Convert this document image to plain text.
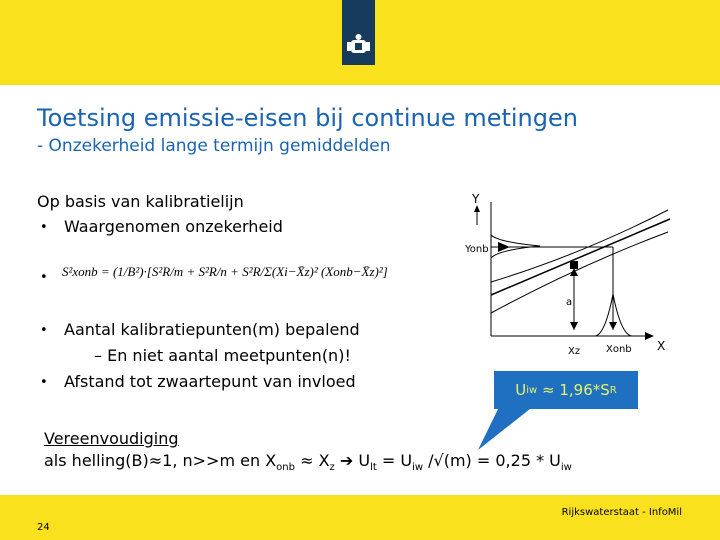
Toetsing emissie-eisen bij continue metingen
- Onzekerheid lange termijn gemiddelden
Op basis van kalibratielijn
• Waargenomen onzekerheid
• S²xonb = (1/B²)·[S²R/m + S²R/n + S²R/Σ(Xi−X̄z)² (Xonb−X̄z)²]
• Aantal kalibratiepunten(m) bepalend
– En niet aantal meetpunten(n)!
• Afstand tot zwaartepunt van invloed
Y
Yonb
a
Xz	Xonb X
U iw ≈ 1,96*S R
Vereenvoudiging
als helling(B)≈1, n>>m en $X_{onb} \approx X_z$ ➔ $U_{lt} = U_{iw}$ $/√(m) = 0,25 * U_{iw}$
Rijkswaterstaat - InfoMil
24
